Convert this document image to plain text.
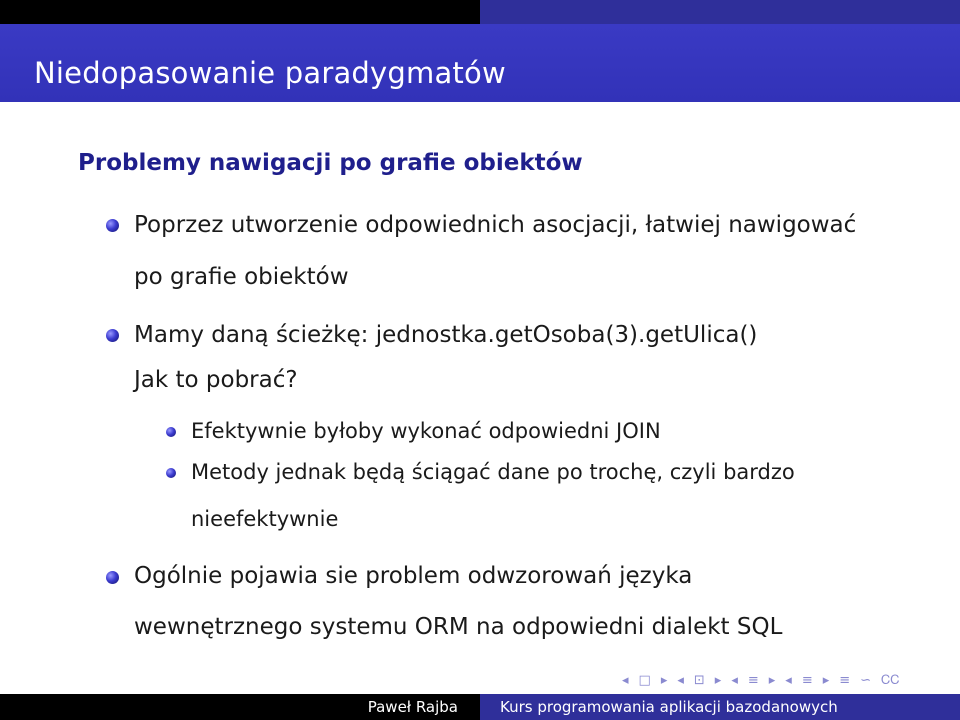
Niedopasowanie paradygmatów
Problemy nawigacji po grafie obiektów
Poprzez utworzenie odpowiednich asocjacji, łatwiej nawigować
po grafie obiektów
Mamy daną ścieżkę: jednostka.getOsoba(3).getUlica()
Jak to pobrać?
Efektywnie byłoby wykonać odpowiedni JOIN
Metody jednak będą ściągać dane po trochę, czyli bardzo
nieefektywnie
Ogólnie pojawia sie problem odwzorowań języka
wewnętrznego systemu ORM na odpowiedni dialekt SQL
◂ □ ▸ ◂ ⊡ ▸ ◂ ≡ ▸ ◂ ≡ ▸ ≡ ∽ ᏟᏟ
Paweł Rajba	Kurs programowania aplikacji bazodanowych
